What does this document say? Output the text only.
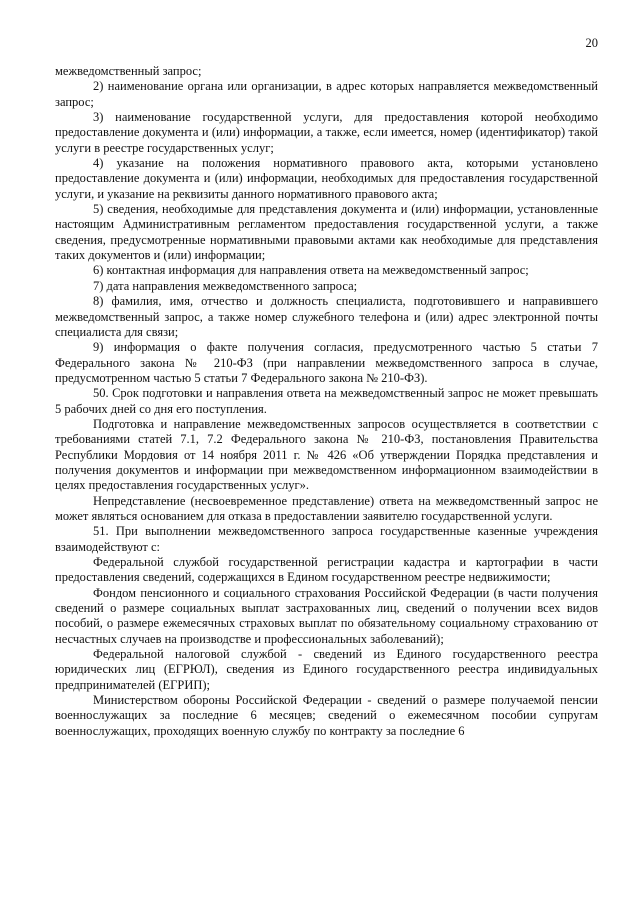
20

межведомственный запрос;

2) наименование органа или организации, в адрес которых направляется межведомственный запрос;

3) наименование государственной услуги, для предоставления которой необходимо предоставление документа и (или) информации, а также, если имеется, номер (идентификатор) такой услуги в реестре государственных услуг;

4) указание на положения нормативного правового акта, которыми установлено предоставление документа и (или) информации, необходимых для предоставления государственной услуги, и указание на реквизиты данного нормативного правового акта;

5) сведения, необходимые для представления документа и (или) информации, установленные настоящим Административным регламентом предоставления государственной услуги, а также сведения, предусмотренные нормативными правовыми актами как необходимые для представления таких документов и (или) информации;

6) контактная информация для направления ответа на межведомственный запрос;

7) дата направления межведомственного запроса;

8) фамилия, имя, отчество и должность специалиста, подготовившего и направившего межведомственный запрос, а также номер служебного телефона и (или) адрес электронной почты специалиста для связи;

9) информация о факте получения согласия, предусмотренного частью 5 статьи 7 Федерального закона № 210-ФЗ (при направлении межведомственного запроса в случае, предусмотренном частью 5 статьи 7 Федерального закона № 210-ФЗ).

50. Срок подготовки и направления ответа на межведомственный запрос не может превышать 5 рабочих дней со дня его поступления.

Подготовка и направление межведомственных запросов осуществляется в соответствии с требованиями статей 7.1, 7.2 Федерального закона № 210-ФЗ, постановления Правительства Республики Мордовия от 14 ноября 2011 г. № 426 «Об утверждении Порядка представления и получения документов и информации при межведомственном информационном взаимодействии в целях предоставления государственных услуг».

Непредставление (несвоевременное представление) ответа на межведомственный запрос не может являться основанием для отказа в предоставлении заявителю государственной услуги.

51. При выполнении межведомственного запроса государственные казенные учреждения взаимодействуют с:

Федеральной службой государственной регистрации кадастра и картографии в части предоставления сведений, содержащихся в Едином государственном реестре недвижимости;

Фондом пенсионного и социального страхования Российской Федерации (в части получения сведений о размере социальных выплат застрахованных лиц, сведений о получении всех видов пособий, о размере ежемесячных страховых выплат по обязательному социальному страхованию от несчастных случаев на производстве и профессиональных заболеваний);

Федеральной налоговой службой - сведений из Единого государственного реестра юридических лиц (ЕГРЮЛ), сведения из Единого государственного реестра индивидуальных предпринимателей (ЕГРИП);

Министерством обороны Российской Федерации - сведений о размере получаемой пенсии военнослужащих за последние 6 месяцев; сведений о ежемесячном пособии супругам военнослужащих, проходящих военную службу по контракту за последние 6
